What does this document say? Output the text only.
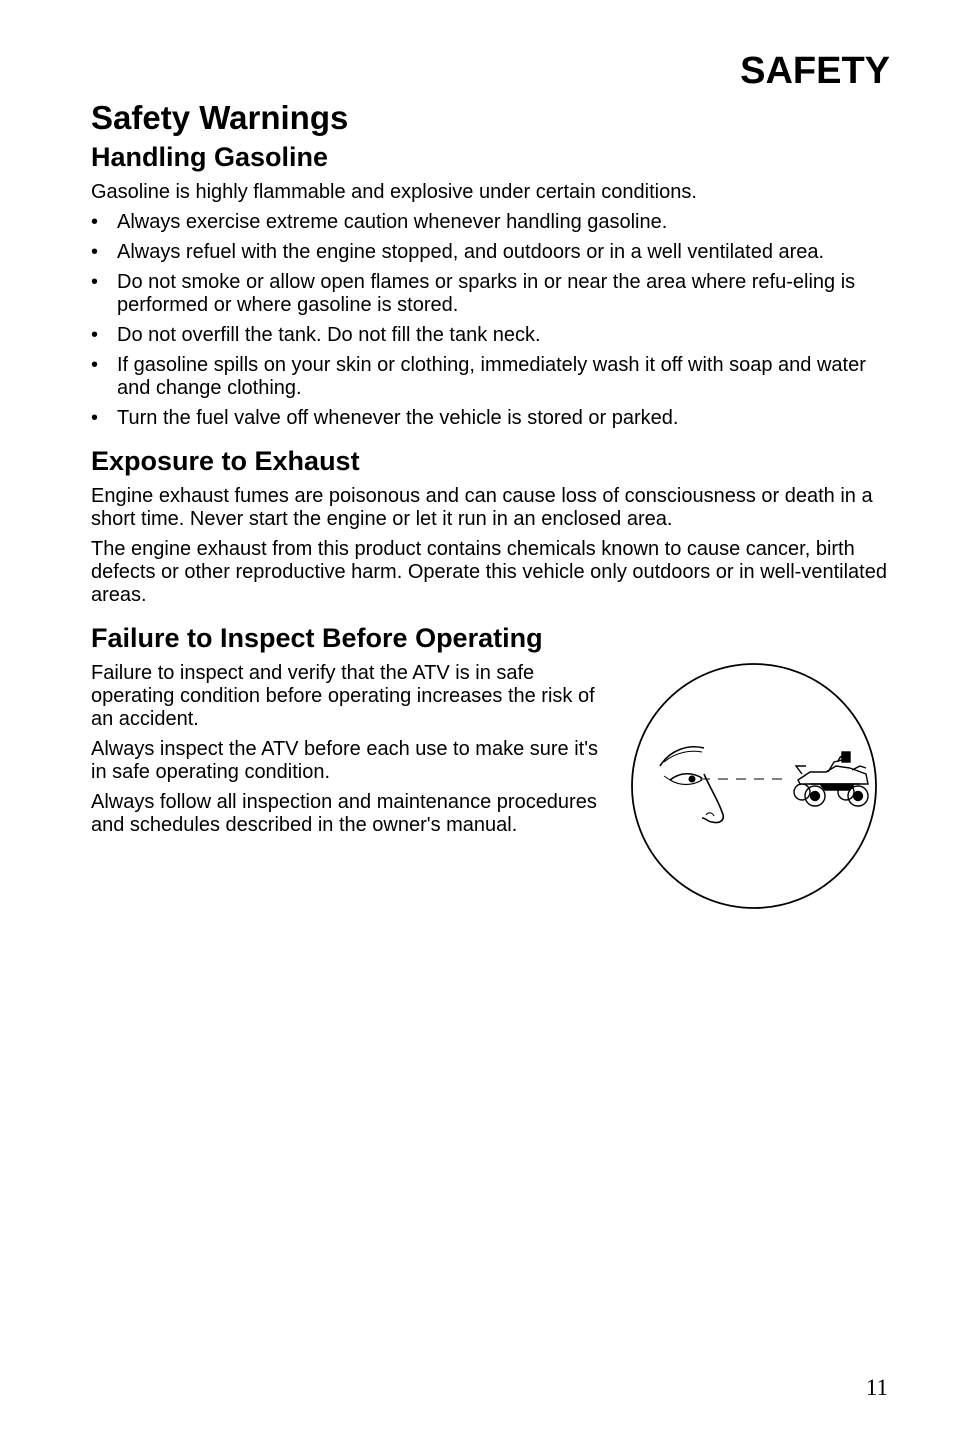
SAFETY
Safety Warnings
Handling Gasoline

Gasoline is highly flammable and explosive under certain conditions.

• Always exercise extreme caution whenever handling gasoline.
• Always refuel with the engine stopped, and outdoors or in a well ventilated area.
• Do not smoke or allow open flames or sparks in or near the area where refu-eling is performed or where gasoline is stored.
• Do not overfill the tank. Do not fill the tank neck.
• If gasoline spills on your skin or clothing, immediately wash it off with soap and water and change clothing.
• Turn the fuel valve off whenever the vehicle is stored or parked.
Exposure to Exhaust

Engine exhaust fumes are poisonous and can cause loss of consciousness or death in a short time. Never start the engine or let it run in an enclosed area.

The engine exhaust from this product contains chemicals known to cause cancer, birth defects or other reproductive harm. Operate this vehicle only outdoors or in well-ventilated areas.

Failure to Inspect Before Operating

Failure to inspect and verify that the ATV is in safe operating condition before operating increases the risk of an accident.

Always inspect the ATV before each use to make sure it's in safe operating condition.

Always follow all inspection and maintenance procedures and schedules described in the owner's manual.

11
